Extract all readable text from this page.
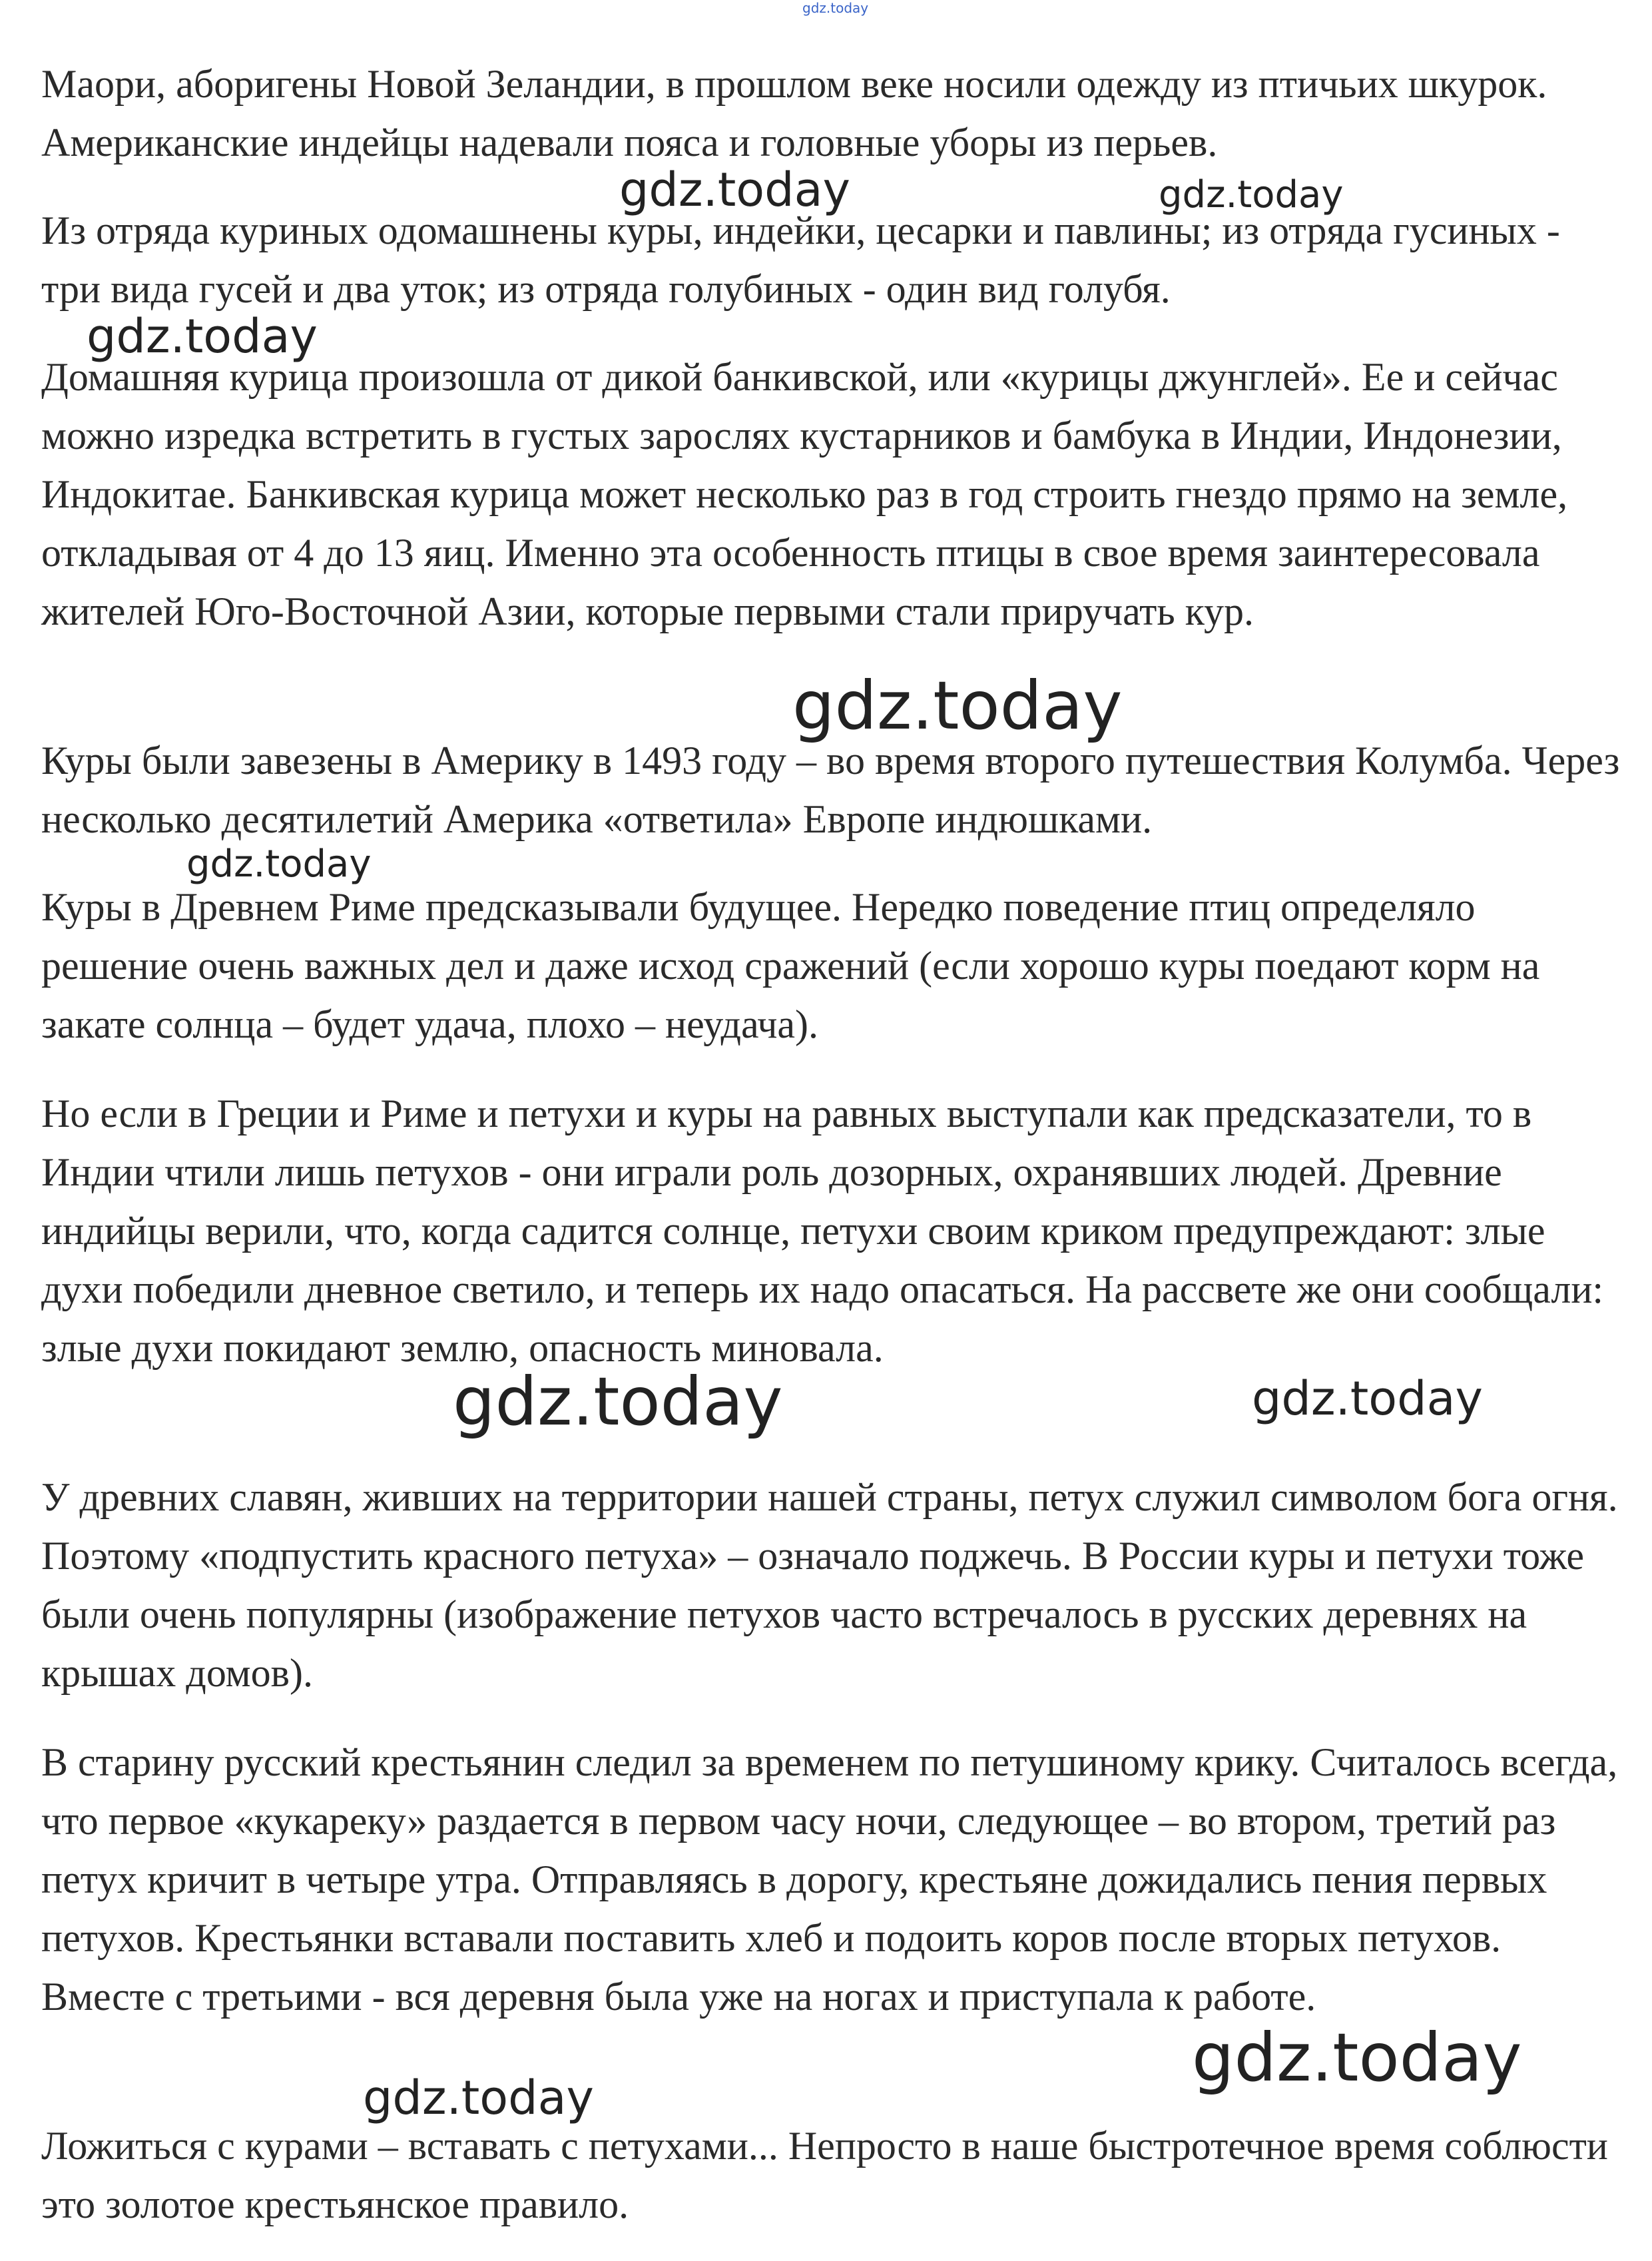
gdz.today

Маори, аборигены Новой Зеландии, в прошлом веке носили одежду из птичьих шкурок. Американские индейцы надевали пояса и головные уборы из перьев.

Из отряда куриных одомашнены куры, индейки, цесарки и павлины; из отряда гусиных - три вида гусей и два уток; из отряда голубиных - один вид голубя.

Домашняя курица произошла от дикой банкивской, или «курицы джунглей». Ее и сейчас можно изредка встретить в густых зарослях кустарников и бамбука в Индии, Индонезии, Индокитае. Банкивская курица может несколько раз в год строить гнездо прямо на земле, откладывая от 4 до 13 яиц. Именно эта особенность птицы в свое время заинтересовала жителей Юго-Восточной Азии, которые первыми стали приручать кур.

Куры были завезены в Америку в 1493 году – во время второго путешествия Колумба. Через несколько десятилетий Америка «ответила» Европе индюшками.

Куры в Древнем Риме предсказывали будущее. Нередко поведение птиц определяло решение очень важных дел и даже исход сражений (если хорошо куры поедают корм на закате солнца – будет удача, плохо – неудача).

Но если в Греции и Риме и петухи и куры на равных выступали как предсказатели, то в Индии чтили лишь петухов - они играли роль дозорных, охранявших людей. Древние индийцы верили, что, когда садится солнце, петухи своим криком предупреждают: злые духи победили дневное светило, и теперь их надо опасаться. На рассвете же они сообщали: злые духи покидают землю, опасность миновала.

У древних славян, живших на территории нашей страны, петух служил символом бога огня. Поэтому «подпустить красного петуха» – означало поджечь. В России куры и петухи тоже были очень популярны (изображение петухов часто встречалось в русских деревнях на крышах домов).

В старину русский крестьянин следил за временем по петушиному крику. Считалось всегда, что первое «кукареку» раздается в первом часу ночи, следующее – во втором, третий раз петух кричит в четыре утра. Отправляясь в дорогу, крестьяне дожидались пения первых петухов. Крестьянки вставали поставить хлеб и подоить коров после вторых петухов. Вместе с третьими - вся деревня была уже на ногах и приступала к работе.

Ложиться с курами – вставать с петухами... Непросто в наше быстротечное время соблюсти это золотое крестьянское правило.

gdz.today	gdz.today
gdz.today
gdz.today
gdz.today
gdz.today	gdz.today
gdz.today
gdz.today
